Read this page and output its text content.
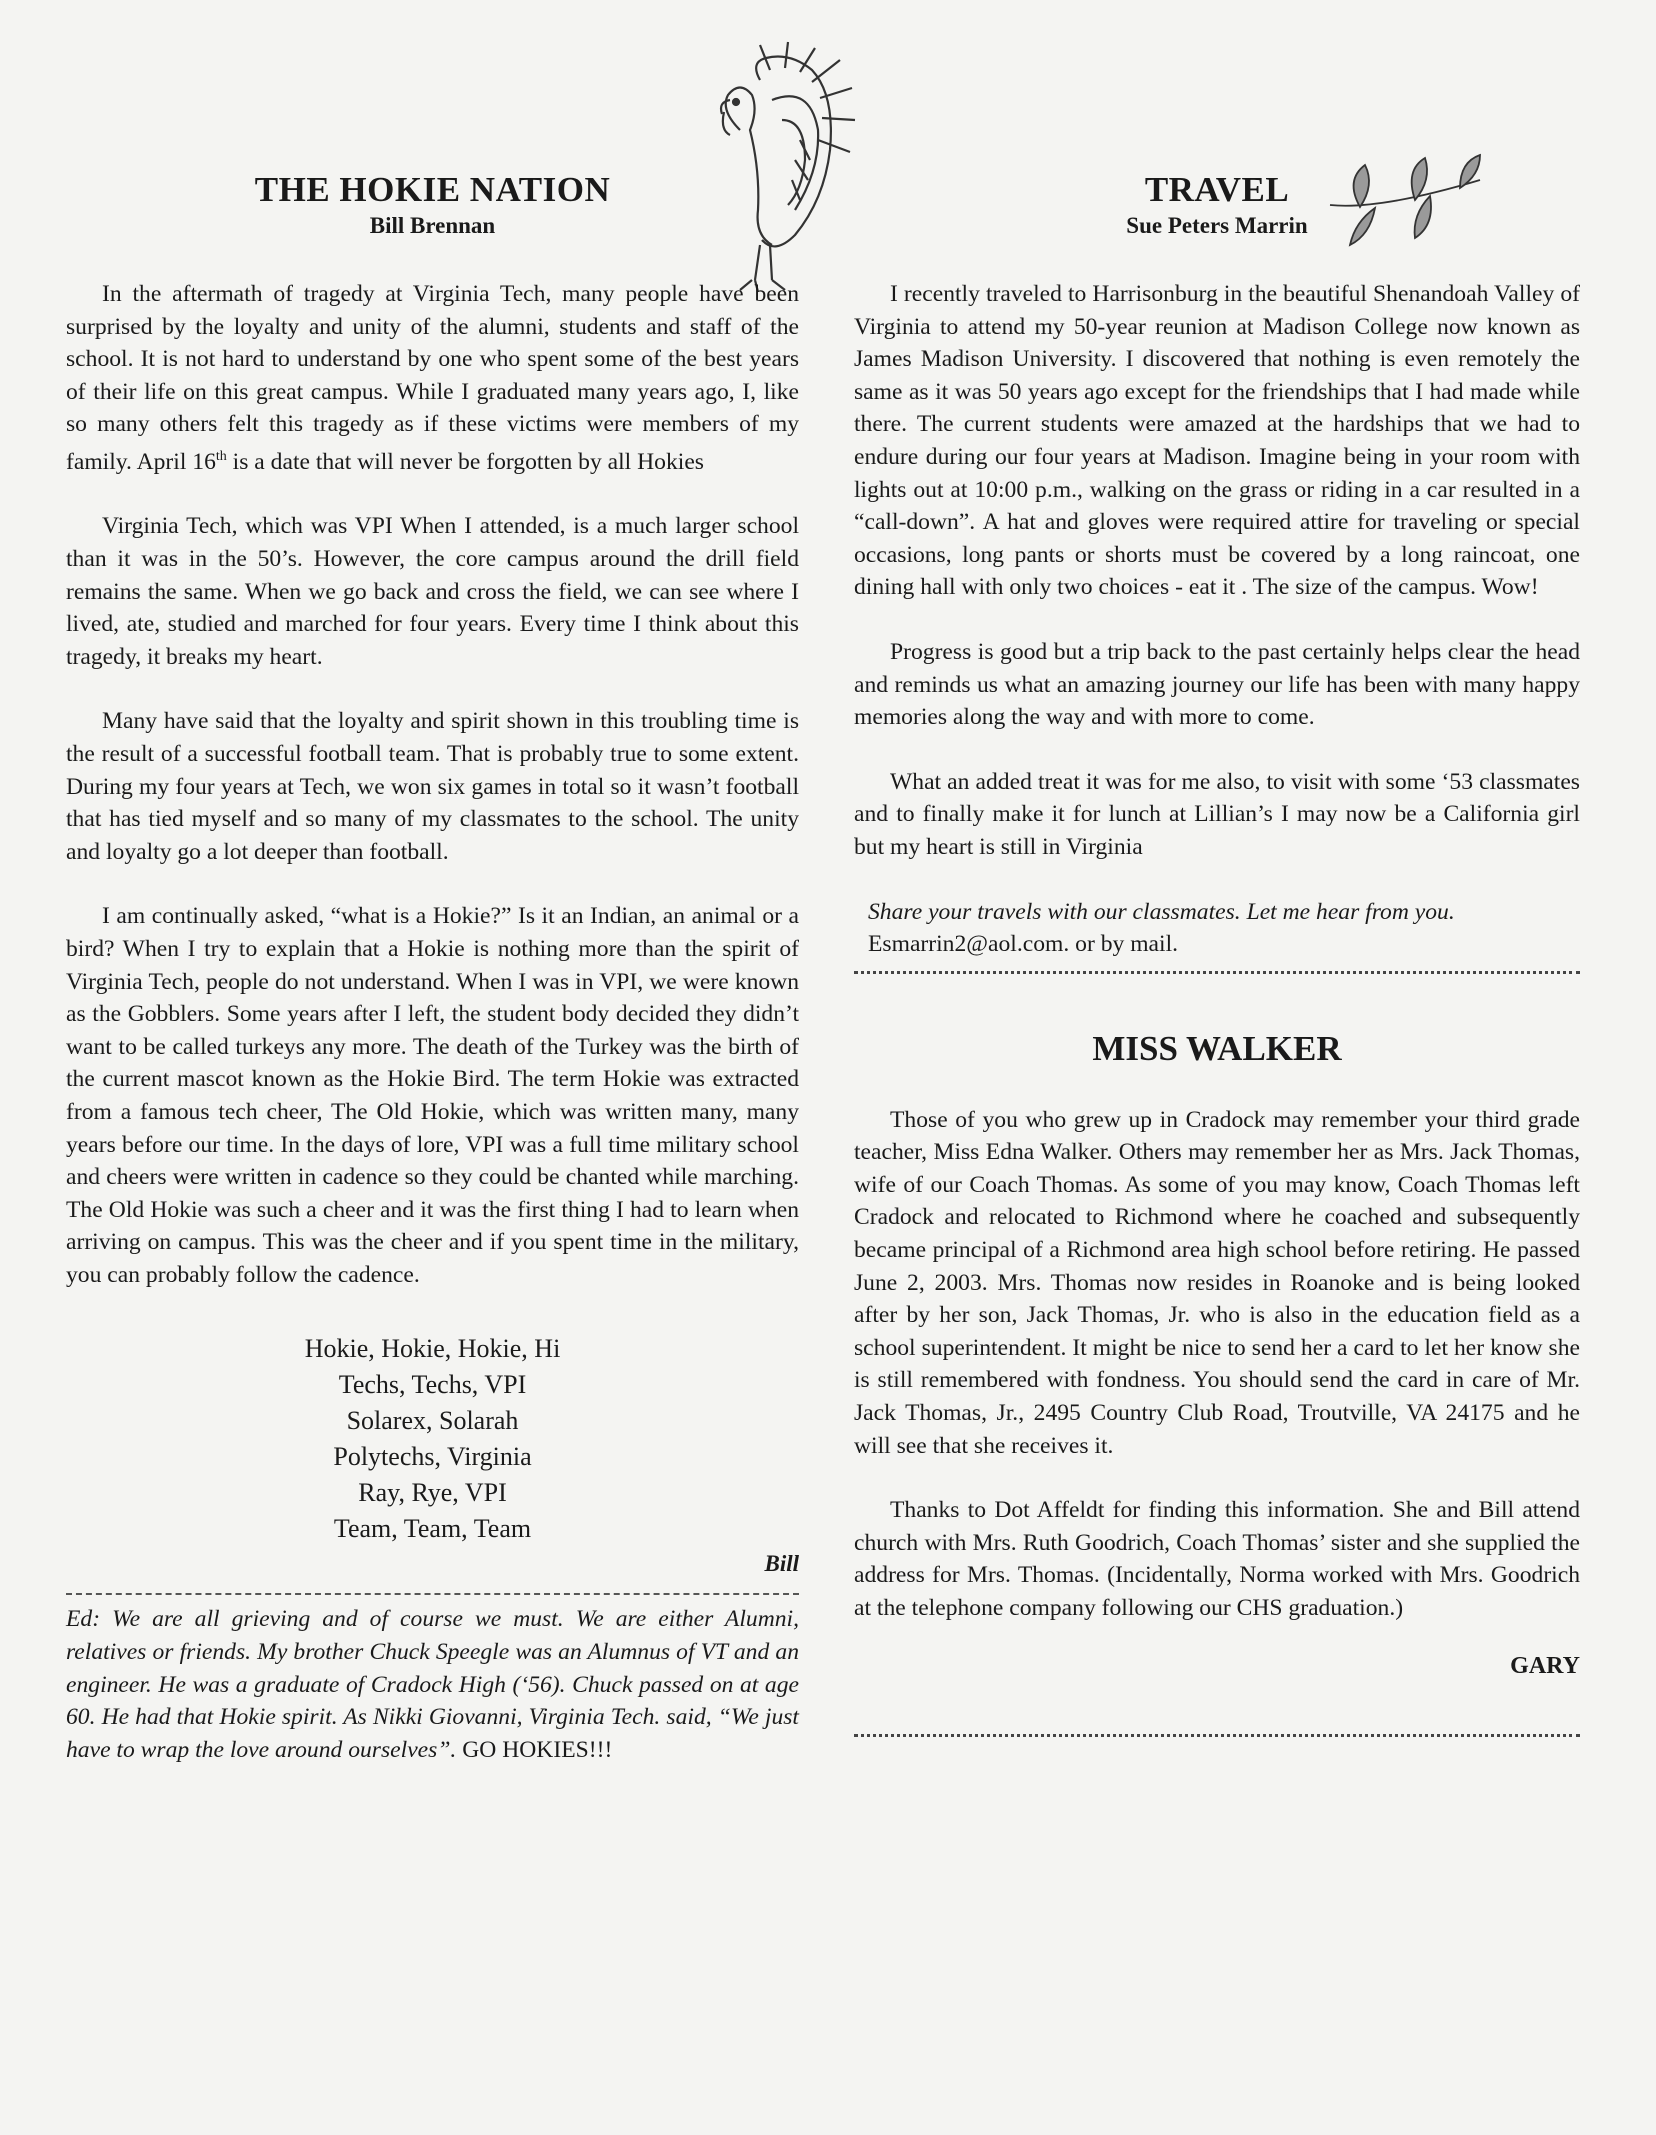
THE HOKIE NATION

Bill Brennan

In the aftermath of tragedy at Virginia Tech, many people have been surprised by the loyalty and unity of the alumni, students and staff of the school. It is not hard to understand by one who spent some of the best years of their life on this great campus. While I graduated many years ago, I, like so many others felt this tragedy as if these victims were members of my family. April 16th is a date that will never be forgotten by all Hokies

Virginia Tech, which was VPI When I attended, is a much larger school than it was in the 50’s. However, the core campus around the drill field remains the same. When we go back and cross the field, we can see where I lived, ate, studied and marched for four years. Every time I think about this tragedy, it breaks my heart.

Many have said that the loyalty and spirit shown in this troubling time is the result of a successful football team. That is probably true to some extent. During my four years at Tech, we won six games in total so it wasn’t football that has tied myself and so many of my classmates to the school. The unity and loyalty go a lot deeper than football.

I am continually asked, “what is a Hokie?” Is it an Indian, an animal or a bird? When I try to explain that a Hokie is nothing more than the spirit of Virginia Tech, people do not understand. When I was in VPI, we were known as the Gobblers. Some years after I left, the student body decided they didn’t want to be called turkeys any more. The death of the Turkey was the birth of the current mascot known as the Hokie Bird. The term Hokie was extracted from a famous tech cheer, The Old Hokie, which was written many, many years before our time. In the days of lore, VPI was a full time military school and cheers were written in cadence so they could be chanted while marching. The Old Hokie was such a cheer and it was the first thing I had to learn when arriving on campus. This was the cheer and if you spent time in the military, you can probably follow the cadence.

Hokie, Hokie, Hokie, Hi

Techs, Techs, VPI

Solarex, Solarah

Polytechs, Virginia

Ray, Rye, VPI

Team, Team, Team

Bill

Ed: We are all grieving and of course we must. We are either Alumni, relatives or friends. My brother Chuck Speegle was an Alumnus of VT and an engineer. He was a graduate of Cradock High (‘56). Chuck passed on at age 60. He had that Hokie spirit. As Nikki Giovanni, Virginia Tech. said, “We just have to wrap the love around ourselves”. GO HOKIES!!!

TRAVEL

Sue Peters Marrin

I recently traveled to Harrisonburg in the beautiful Shenandoah Valley of Virginia to attend my 50-year reunion at Madison College now known as James Madison University. I discovered that nothing is even remotely the same as it was 50 years ago except for the friendships that I had made while there. The current students were amazed at the hardships that we had to endure during our four years at Madison. Imagine being in your room with lights out at 10:00 p.m., walking on the grass or riding in a car resulted in a “call-down”. A hat and gloves were required attire for traveling or special occasions, long pants or shorts must be covered by a long raincoat, one dining hall with only two choices - eat it . The size of the campus. Wow!

Progress is good but a trip back to the past certainly helps clear the head and reminds us what an amazing journey our life has been with many happy memories along the way and with more to come.

What an added treat it was for me also, to visit with some ‘53 classmates and to finally make it for lunch at Lillian’s I may now be a California girl but my heart is still in Virginia

Share your travels with our classmates. Let me hear from you.
Esmarrin2@aol.com. or by mail.

MISS WALKER

Those of you who grew up in Cradock may remember your third grade teacher, Miss Edna Walker. Others may remember her as Mrs. Jack Thomas, wife of our Coach Thomas. As some of you may know, Coach Thomas left Cradock and relocated to Richmond where he coached and subsequently became principal of a Richmond area high school before retiring. He passed June 2, 2003. Mrs. Thomas now resides in Roanoke and is being looked after by her son, Jack Thomas, Jr. who is also in the education field as a school superintendent. It might be nice to send her a card to let her know she is still remembered with fondness. You should send the card in care of Mr. Jack Thomas, Jr., 2495 Country Club Road, Troutville, VA 24175 and he will see that she receives it.

Thanks to Dot Affeldt for finding this information. She and Bill attend church with Mrs. Ruth Goodrich, Coach Thomas’ sister and she supplied the address for Mrs. Thomas. (Incidentally, Norma worked with Mrs. Goodrich at the telephone company following our CHS graduation.)

GARY
